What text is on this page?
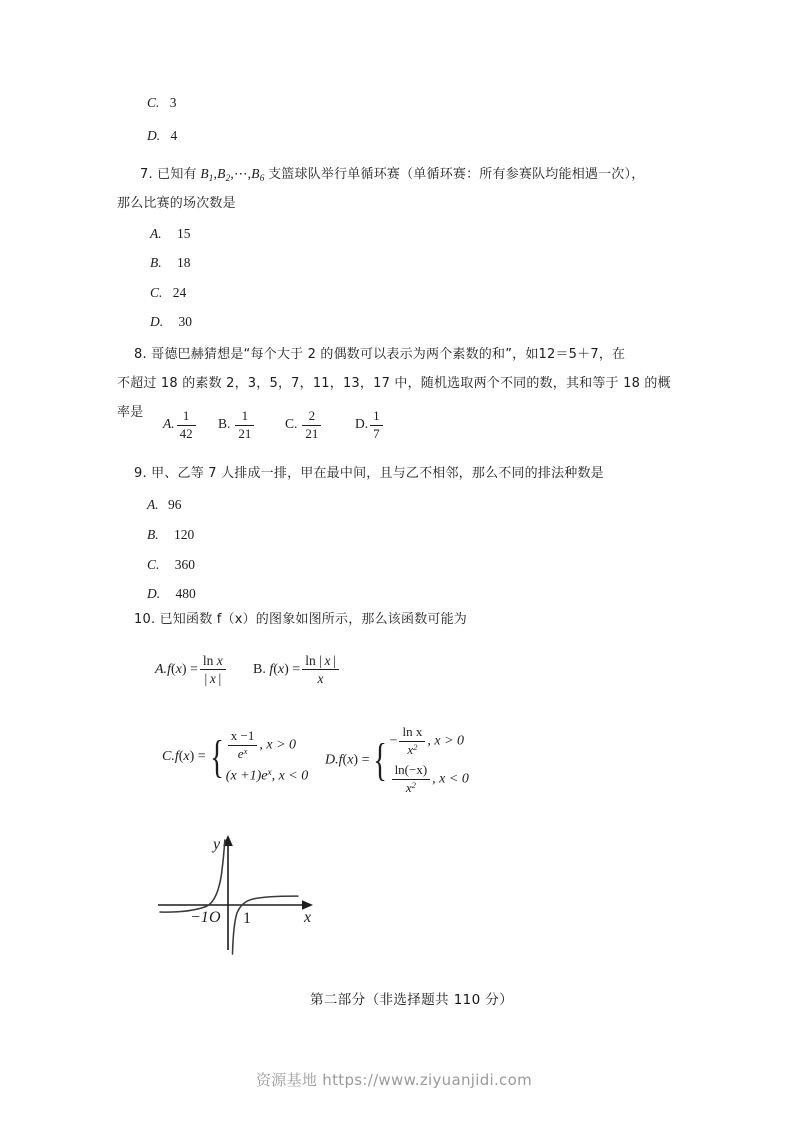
C. 3
D. 4
7. 已知有 $B_1,B_2,\cdots,B_6$ 支篮球队举行单循环赛（单循环赛：所有参赛队均能相遇一次），
那么比赛的场次数是
A. 15
B. 18
C. 24
D. 30
8. 哥德巴赫猜想是“每个大于 2 的偶数可以表示为两个素数的和”，如12＝5＋7，在
不超过 18 的素数 2，3，5，7，11，13，17 中，随机选取两个不同的数，其和等于 18 的概
率是
A. $\frac{1}{42} B$. $\frac{1}{21} C$. $\frac{2}{21} D$. $\frac{1}{7}$
9. 甲、乙等 7 人排成一排，甲在最中间，且与乙不相邻，那么不同的排法种数是
A. 96
B. 120
C. 360
D. 480
10. 已知函数 f（x）的图象如图所示，那么该函数可能为
$A.f(x) = \frac{\text{ln x}}{| x |} B$. $f(x) = \frac{\ln | x |}{x}$
C.f(x) = { $\frac{x -1}{e^x}$ , x > 0
$(x +1)e^x$, x < 0
D.f(x) = { − $\frac{\text{ln x}}{x^2}$ , x > 0
$\frac{\ln(-x)}{x^2}$ , x < 0
−1 O 1
y
x
第二部分（非选择题共 110 分）
资源基地 https://www.ziyuanjidi.com
